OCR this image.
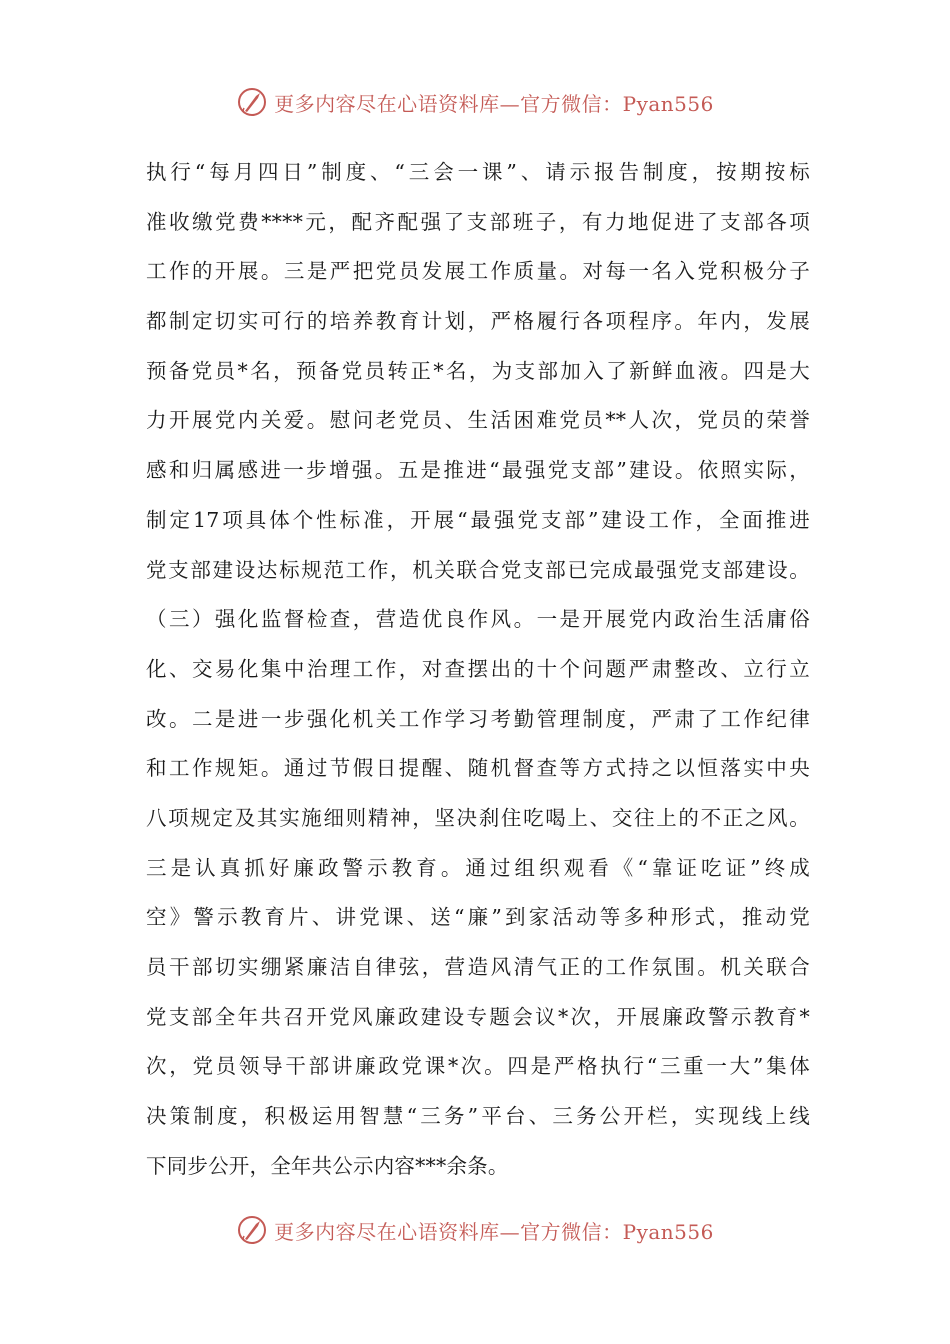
更多内容尽在心语资料库—官方微信：Pyan556
执行“每月四日”制度、“三会一课”、请示报告制度，按期按标
准收缴党费****元，配齐配强了支部班子，有力地促进了支部各项
工作的开展。三是严把党员发展工作质量。对每一名入党积极分子
都制定切实可行的培养教育计划，严格履行各项程序。年内，发展
预备党员*名，预备党员转正*名，为支部加入了新鲜血液。四是大
力开展党内关爱。慰问老党员、生活困难党员**人次，党员的荣誉
感和归属感进一步增强。五是推进“最强党支部”建设。依照实际，
制定17项具体个性标准，开展“最强党支部”建设工作，全面推进
党支部建设达标规范工作，机关联合党支部已完成最强党支部建设。
（三）强化监督检查，营造优良作风。一是开展党内政治生活庸俗
化、交易化集中治理工作，对查摆出的十个问题严肃整改、立行立
改。二是进一步强化机关工作学习考勤管理制度，严肃了工作纪律
和工作规矩。通过节假日提醒、随机督查等方式持之以恒落实中央
八项规定及其实施细则精神，坚决刹住吃喝上、交往上的不正之风。
三是认真抓好廉政警示教育。通过组织观看《“靠证吃证”终成
空》警示教育片、讲党课、送“廉”到家活动等多种形式，推动党
员干部切实绷紧廉洁自律弦，营造风清气正的工作氛围。机关联合
党支部全年共召开党风廉政建设专题会议*次，开展廉政警示教育*
次，党员领导干部讲廉政党课*次。四是严格执行“三重一大”集体
决策制度，积极运用智慧“三务”平台、三务公开栏，实现线上线
下同步公开，全年共公示内容***余条。
更多内容尽在心语资料库—官方微信：Pyan556
